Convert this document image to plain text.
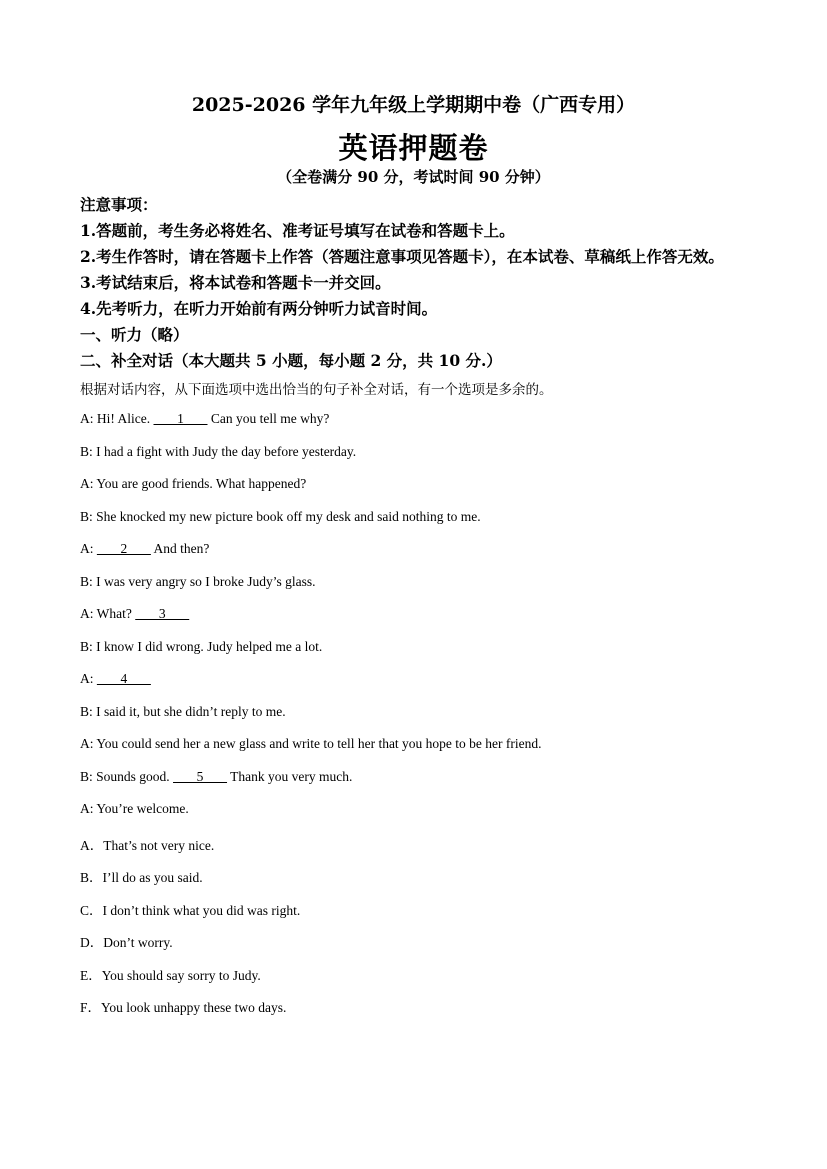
2025-2026 学年九年级上学期期中卷（广西专用）
英语押题卷
（全卷满分 90 分，考试时间 90 分钟）
注意事项：
1.答题前，考生务必将姓名、准考证号填写在试卷和答题卡上。
2.考生作答时，请在答题卡上作答（答题注意事项见答题卡），在本试卷、草稿纸上作答无效。
3.考试结束后，将本试卷和答题卡一并交回。
4.先考听力，在听力开始前有两分钟听力试音时间。
一、听力（略）
二、补全对话（本大题共 5 小题，每小题 2 分，共 10 分.）
根据对话内容，从下面选项中选出恰当的句子补全对话，有一个选项是多余的。
A: Hi! Alice.        1        Can you tell me why?
B: I had a fight with Judy the day before yesterday.
A: You are good friends. What happened?
B: She knocked my new picture book off my desk and said nothing to me.
A:        2        And then?
B: I was very angry so I broke Judy’s glass.
A: What?        3
B: I know I did wrong. Judy helped me a lot.
A:        4
B: I said it, but she didn’t reply to me.
A: You could send her a new glass and write to tell her that you hope to be her friend.
B: Sounds good.        5        Thank you very much.
A: You’re welcome.
A．That’s not very nice.
B．I’ll do as you said.
C．I don’t think what you did was right.
D．Don’t worry.
E．You should say sorry to Judy.
F．You look unhappy these two days.
